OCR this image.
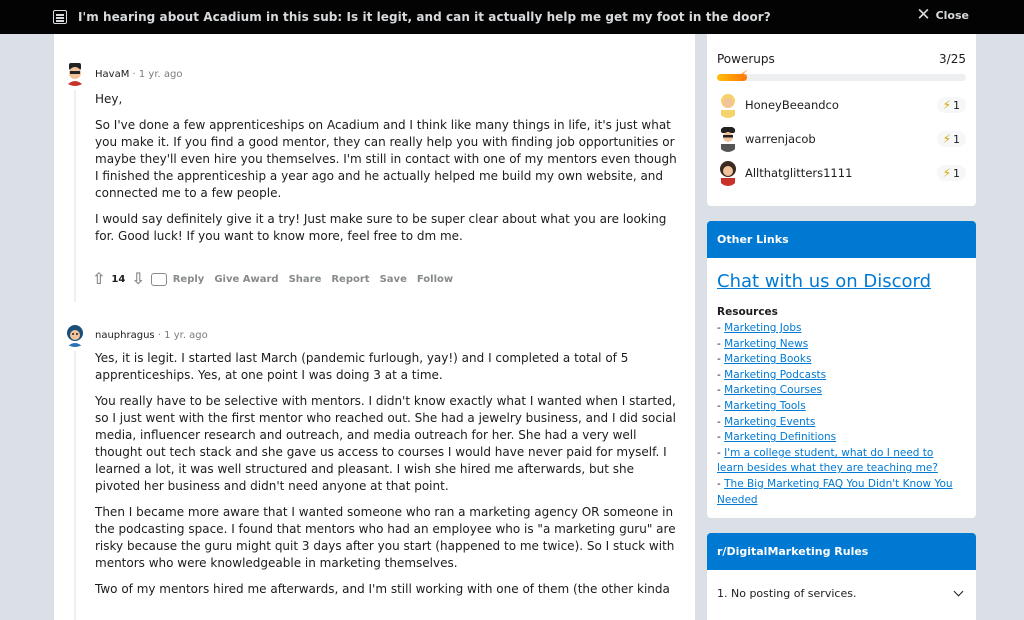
I'm hearing about Acadium in this sub: Is it legit, and can it actually help me get my foot in the door?	✕ Close
HavaM · 1 yr. ago

Hey,

So I've done a few apprenticeships on Acadium and I think like many things in life, it's just what you make it. If you find a good mentor, they can really help you with finding job opportunities or maybe they'll even hire you themselves. I'm still in contact with one of my mentors even though I finished the apprenticeship a year ago and he actually helped me build my own website, and connected me to a few people.

I would say definitely give it a try! Just make sure to be super clear about what you are looking for. Good luck! If you want to know more, feel free to dm me.

⇧ 14 ⇩	Reply Give Award Share Report Save Follow
nauphragus · 1 yr. ago

Yes, it is legit. I started last March (pandemic furlough, yay!) and I completed a total of 5 apprenticeships. Yes, at one point I was doing 3 at a time.

You really have to be selective with mentors. I didn't know exactly what I wanted when I started, so I just went with the first mentor who reached out. She had a jewelry business, and I did social media, influencer research and outreach, and media outreach for her. She had a very well thought out tech stack and she gave us access to courses I would have never paid for myself. I learned a lot, it was well structured and pleasant. I wish she hired me afterwards, but she pivoted her business and didn't need anyone at that point.

Then I became more aware that I wanted someone who ran a marketing agency OR someone in the podcasting space. I found that mentors who had an employee who is "a marketing guru" are risky because the guru might quit 3 days after you start (happened to me twice). So I stuck with mentors who were knowledgeable in marketing themselves.

Two of my mentors hired me afterwards, and I'm still working with one of them (the other kinda

Powerups	3/25
⚡
HoneyBeeandco	⚡ 1
warrenjacob	⚡ 1
Allthatglitters1111	⚡ 1
Other Links
Chat with us on Discord
Resources
- Marketing Jobs
- Marketing News
- Marketing Books
- Marketing Podcasts
- Marketing Courses
- Marketing Tools
- Marketing Events
- Marketing Definitions
- I'm a college student, what do I need to learn besides what they are teaching me?
- The Big Marketing FAQ You Didn't Know You Needed
r/DigitalMarketing Rules
1. No posting of services.
